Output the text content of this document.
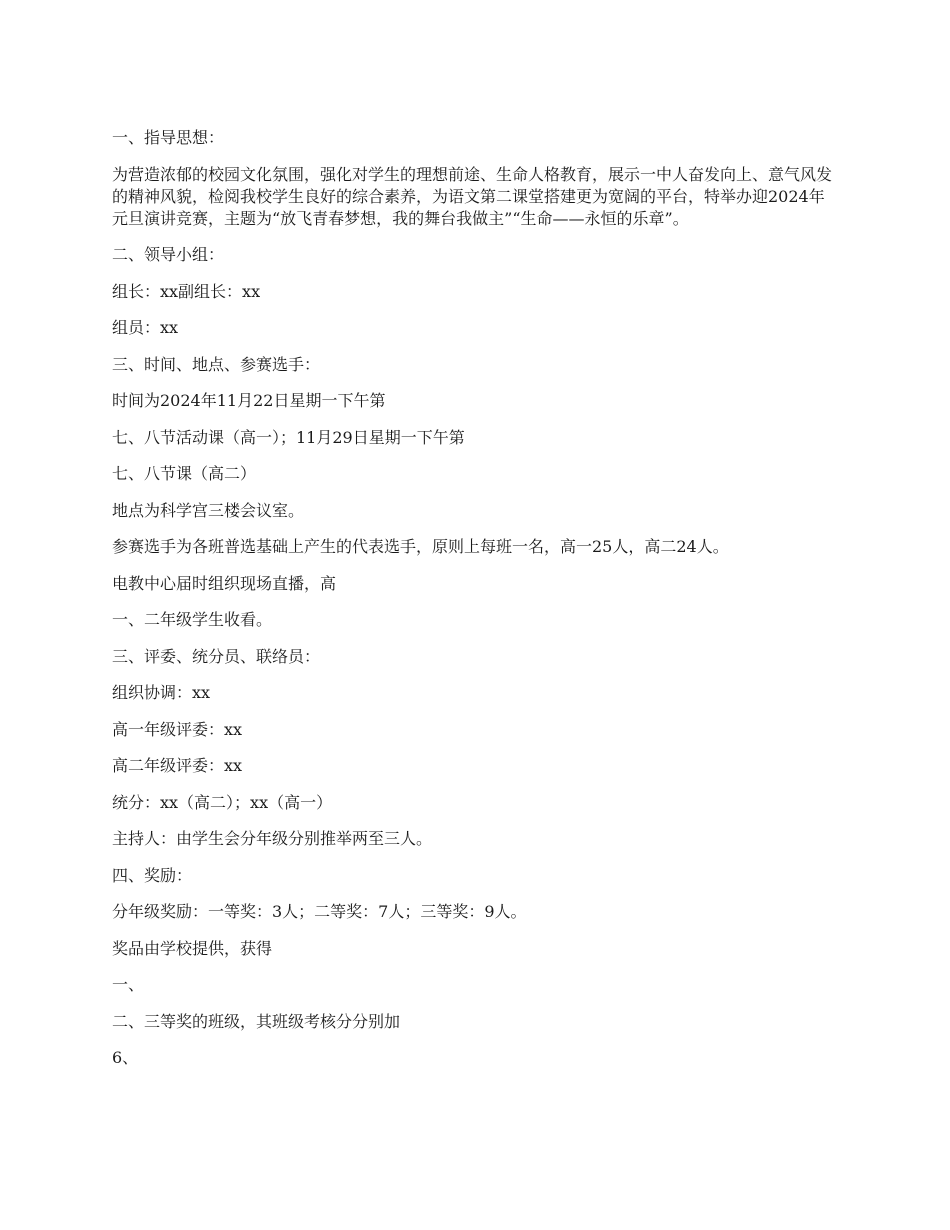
一、指导思想：

为营造浓郁的校园文化氛围，强化对学生的理想前途、生命人格教育，展示一中人奋发向上、意气风发的精神风貌，检阅我校学生良好的综合素养，为语文第二课堂搭建更为宽阔的平台，特举办迎2024年元旦演讲竞赛，主题为“放飞青春梦想，我的舞台我做主”“生命——永恒的乐章”。

二、领导小组：

组长：xx副组长：xx

组员：xx

三、时间、地点、参赛选手：

时间为2024年11月22日星期一下午第

七、八节活动课（高一）；11月29日星期一下午第

七、八节课（高二）

地点为科学宫三楼会议室。

参赛选手为各班普选基础上产生的代表选手，原则上每班一名，高一25人，高二24人。

电教中心届时组织现场直播，高

一、二年级学生收看。

三、评委、统分员、联络员：

组织协调：xx

高一年级评委：xx

高二年级评委：xx

统分：xx（高二）；xx（高一）

主持人：由学生会分年级分别推举两至三人。

四、奖励：

分年级奖励：一等奖：3人；二等奖：7人；三等奖：9人。

奖品由学校提供，获得

一、

二、三等奖的班级，其班级考核分分别加

6、
